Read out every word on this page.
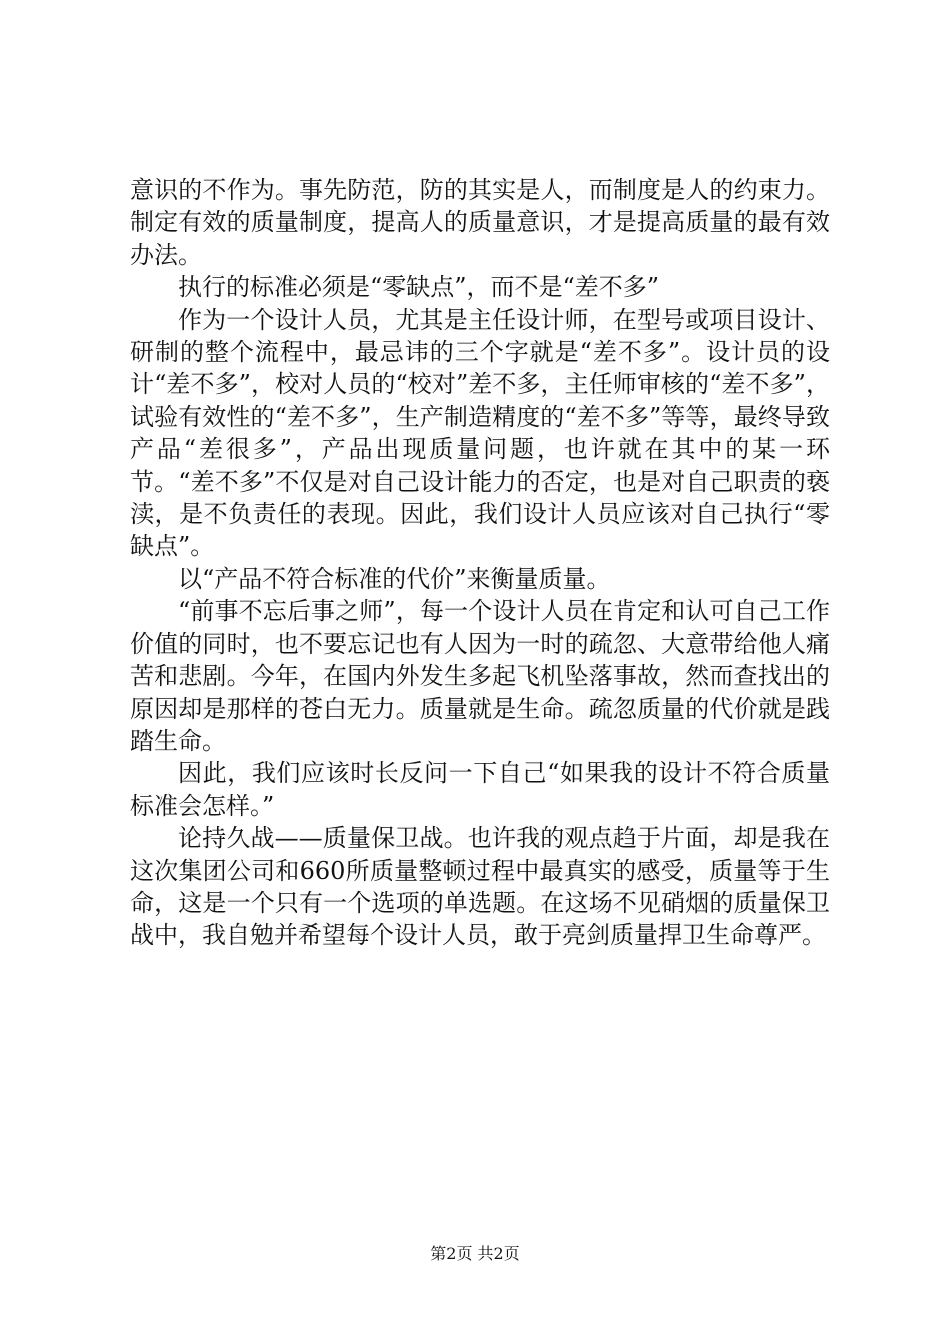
意识的不作为。事先防范，防的其实是人，而制度是人的约束力。制定有效的质量制度，提高人的质量意识，才是提高质量的最有效办法。

执行的标准必须是“零缺点”，而不是“差不多”

作为一个设计人员，尤其是主任设计师，在型号或项目设计、研制的整个流程中，最忌讳的三个字就是“差不多”。设计员的设计“差不多”，校对人员的“校对”差不多，主任师审核的“差不多”，试验有效性的“差不多”，生产制造精度的“差不多”等等，最终导致产品“差很多”，产品出现质量问题，也许就在其中的某一环节。“差不多”不仅是对自己设计能力的否定，也是对自己职责的亵渎，是不负责任的表现。因此，我们设计人员应该对自己执行“零缺点”。

以“产品不符合标准的代价”来衡量质量。

“前事不忘后事之师”，每一个设计人员在肯定和认可自己工作价值的同时，也不要忘记也有人因为一时的疏忽、大意带给他人痛苦和悲剧。今年，在国内外发生多起飞机坠落事故，然而查找出的原因却是那样的苍白无力。质量就是生命。疏忽质量的代价就是践踏生命。

因此，我们应该时长反问一下自己“如果我的设计不符合质量标准会怎样。”

论持久战——质量保卫战。也许我的观点趋于片面，却是我在这次集团公司和660所质量整顿过程中最真实的感受，质量等于生命，这是一个只有一个选项的单选题。在这场不见硝烟的质量保卫战中，我自勉并希望每个设计人员，敢于亮剑质量捍卫生命尊严。

第2页 共2页
